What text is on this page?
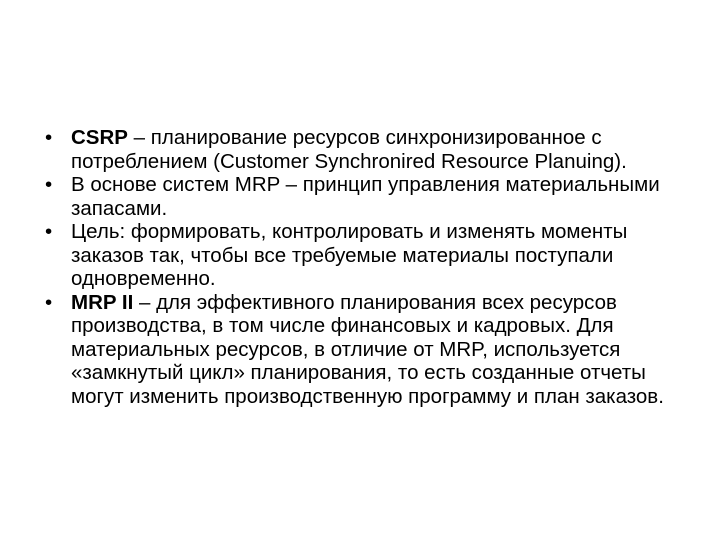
• CSRP – планирование ресурсов синхронизированное с потреблением (Customer Synchronired Resource Planuing).
• В основе систем MRP – принцип управления материальными запасами.
• Цель: формировать, контролировать и изменять моменты заказов так, чтобы все требуемые материалы поступали одновременно.
• MRP II – для эффективного планирования всех ресурсов производства, в том числе финансовых и кадровых. Для материальных ресурсов, в отличие от MRP, используется «замкнутый цикл» планирования, то есть созданные отчеты могут изменить производственную программу и план заказов.
